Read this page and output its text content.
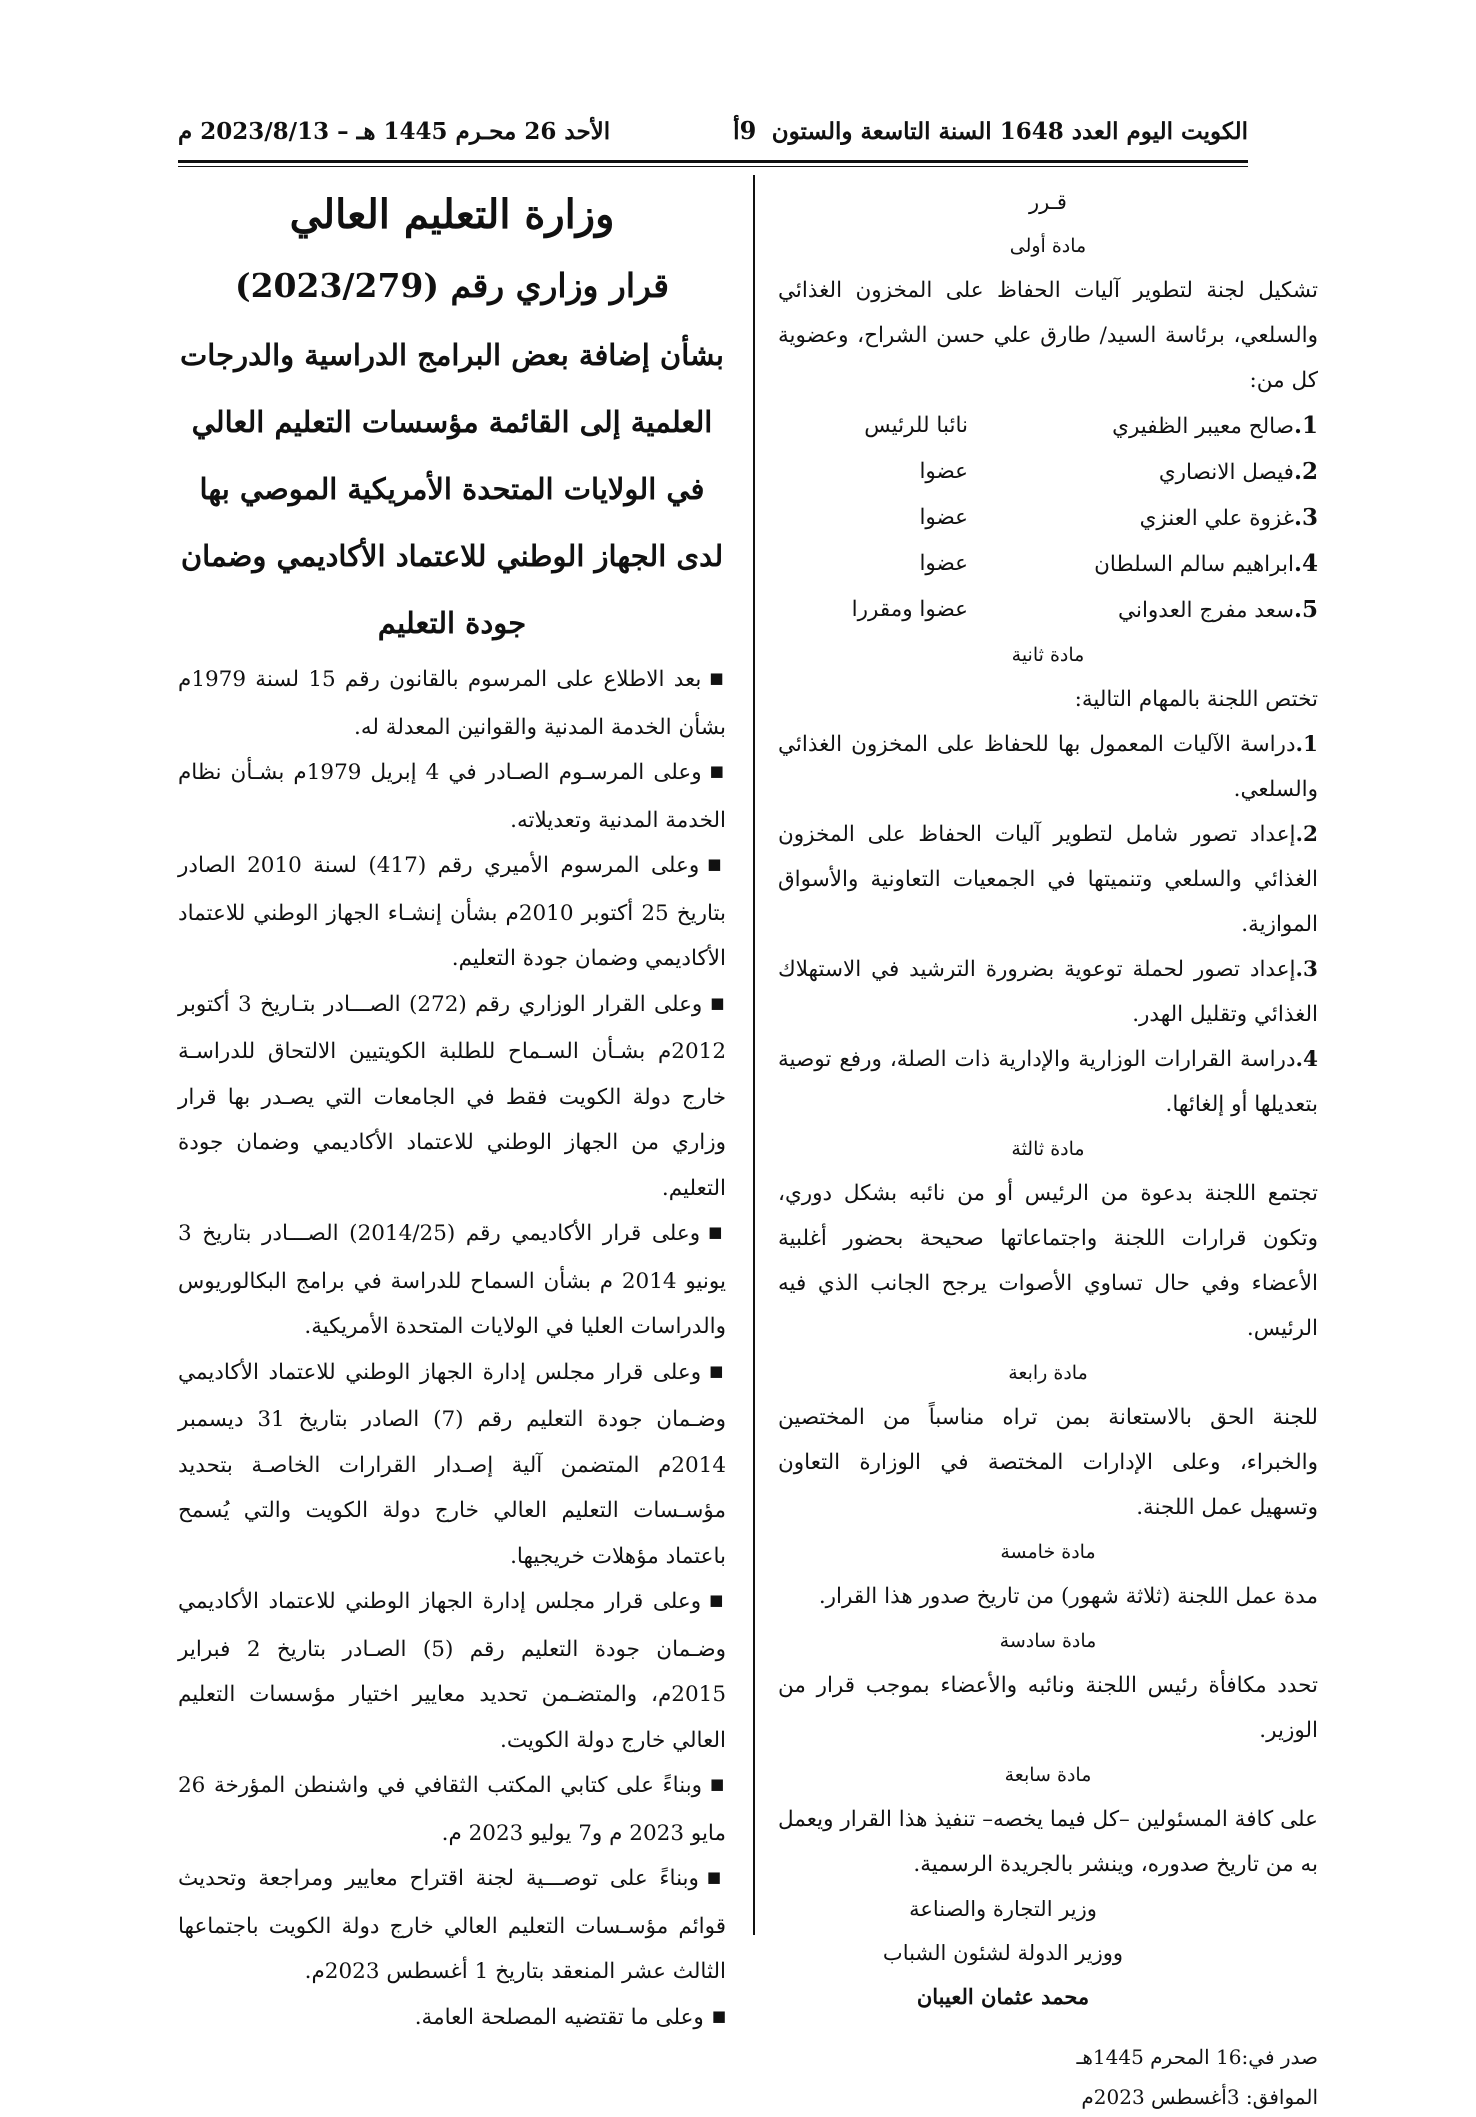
الكويت اليوم العدد 1648 السنة التاسعة والستون
9أ
الأحد 26 محـرم 1445 هـ – 2023/8/13 م

قـرر

مادة أولى

تشكيل لجنة لتطوير آليات الحفاظ على المخزون الغذائي والسلعي، برئاسة السيد/ طارق علي حسن الشراح، وعضوية كل من:

1.صالح معيبر الظفيري
نائبا للرئيس
2.فيصل الانصاري
عضوا
3.غزوة علي العنزي
عضوا
4.ابراهيم سالم السلطان
عضوا
5.سعد مفرج العدواني
عضوا ومقررا

مادة ثانية

تختص اللجنة بالمهام التالية:

1.دراسة الآليات المعمول بها للحفاظ على المخزون الغذائي والسلعي.

2.إعداد تصور شامل لتطوير آليات الحفاظ على المخزون الغذائي والسلعي وتنميتها في الجمعيات التعاونية والأسواق الموازية.

3.إعداد تصور لحملة توعوية بضرورة الترشيد في الاستهلاك الغذائي وتقليل الهدر.

4.دراسة القرارات الوزارية والإدارية ذات الصلة، ورفع توصية بتعديلها أو إلغائها.

مادة ثالثة

تجتمع اللجنة بدعوة من الرئيس أو من نائبه بشكل دوري، وتكون قرارات اللجنة واجتماعاتها صحيحة بحضور أغلبية الأعضاء وفي حال تساوي الأصوات يرجح الجانب الذي فيه الرئيس.

مادة رابعة

للجنة الحق بالاستعانة بمن تراه مناسباً من المختصين والخبراء، وعلى الإدارات المختصة في الوزارة التعاون وتسهيل عمل اللجنة.

مادة خامسة

مدة عمل اللجنة (ثلاثة شهور) من تاريخ صدور هذا القرار.

مادة سادسة

تحدد مكافأة رئيس اللجنة ونائبه والأعضاء بموجب قرار من الوزير.

مادة سابعة

على كافة المسئولين –كل فيما يخصه– تنفيذ هذا القرار ويعمل به من تاريخ صدوره، وينشر بالجريدة الرسمية.

وزير التجارة والصناعة
ووزير الدولة لشئون الشباب
محمد عثمان العيبان
صدر في:16 المحرم 1445هـ
الموافق: 3أغسطس 2023م

وزارة التعليم العالي

قرار وزاري رقم (2023/279)

بشأن إضافة بعض البرامج الدراسية والدرجات العلمية إلى القائمة مؤسسات التعليم العالي في الولايات المتحدة الأمريكية الموصي بها لدى الجهاز الوطني للاعتماد الأكاديمي وضمان جودة التعليم

■بعد الاطلاع على المرسوم بالقانون رقم 15 لسنة 1979م بشأن الخدمة المدنية والقوانين المعدلة له.

■وعلى المرسـوم الصـادر في 4 إبريل 1979م بشـأن نظام الخدمة المدنية وتعديلاته.

■وعلى المرسوم الأميري رقم (417) لسنة 2010 الصادر بتاريخ 25 أكتوبر 2010م بشأن إنشـاء الجهاز الوطني للاعتماد الأكاديمي وضمان جودة التعليم.

■وعلى القرار الوزاري رقم (272) الصـــادر بتـاريخ 3 أكتوبر 2012م بشـأن السـماح للطلبة الكويتيين الالتحاق للدراسـة خارج دولة الكويت فقط في الجامعات التي يصـدر بها قرار وزاري من الجهاز الوطني للاعتماد الأكاديمي وضمان جودة التعليم.

■وعلى قرار الأكاديمي رقم (2014/25) الصـــادر بتاريخ 3 يونيو 2014 م بشأن السماح للدراسة في برامج البكالوريوس والدراسات العليا في الولايات المتحدة الأمريكية.

■وعلى قرار مجلس إدارة الجهاز الوطني للاعتماد الأكاديمي وضـمان جودة التعليم رقم (7) الصادر بتاريخ 31 ديسمبر 2014م المتضمن آلية إصـدار القرارات الخاصـة بتحديد مؤسـسات التعليم العالي خارج دولة الكويت والتي يُسمح باعتماد مؤهلات خريجيها.

■وعلى قرار مجلس إدارة الجهاز الوطني للاعتماد الأكاديمي وضـمان جودة التعليم رقم (5) الصـادر بتاريخ 2 فبراير 2015م، والمتضـمن تحديد معايير اختيار مؤسسات التعليم العالي خارج دولة الكويت.

■وبناءً على كتابي المكتب الثقافي في واشنطن المؤرخة 26 مايو 2023 م و7 يوليو 2023 م.

■وبناءً على توصـــية لجنة اقتراح معايير ومراجعة وتحديث قوائم مؤسـسات التعليم العالي خارج دولة الكويت باجتماعها الثالث عشر المنعقد بتاريخ 1 أغسطس 2023م.

■وعلى ما تقتضيه المصلحة العامة.
